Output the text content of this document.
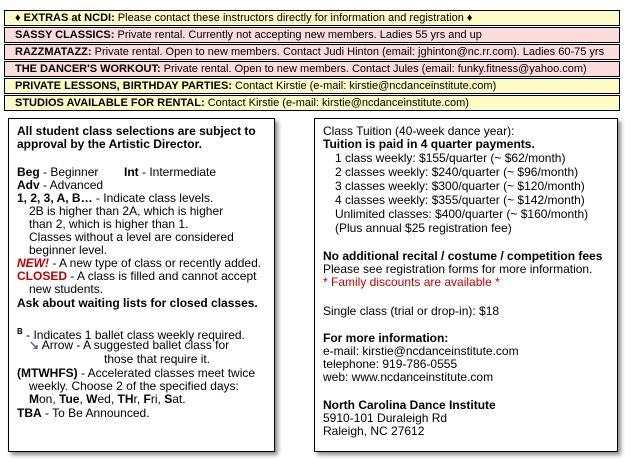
♦ EXTRAS at NCDI: Please contact these instructors directly for information and registration ♦
SASSY CLASSICS: Private rental. Currently not accepting new members. Ladies 55 yrs and up
RAZZMATAZZ: Private rental. Open to new members. Contact Judi Hinton (email: jghinton@nc.rr.com). Ladies 60-75 yrs
THE DANCER'S WORKOUT: Private rental. Open to new members. Contact Jules (email: funky.fitness@yahoo.com)
PRIVATE LESSONS, BIRTHDAY PARTIES: Contact Kirstie (e-mail: kirstie@ncdanceinstitute.com)
STUDIOS AVAILABLE FOR RENTAL: Contact Kirstie (e-mail: kirstie@ncdanceinstitute.com)
All student class selections are subject to
approval by the Artistic Director.
Beg - Beginner Int - Intermediate
Adv - Advanced
1, 2, 3, A, B… - Indicate class levels.
2B is higher than 2A, which is higher
than 2, which is higher than 1.
Classes without a level are considered
beginner level.
NEW! - A new type of class or recently added.
CLOSED - A class is filled and cannot accept
new students.
Ask about waiting lists for closed classes.
$^B$ - Indicates 1 ballet class weekly required.
↘ Arrow - A suggested ballet class for
those that require it.
(MTWHFS) - Accelerated classes meet twice
weekly. Choose 2 of the specified days:
Mon, Tue, Wed, THr, Fri, Sat.
TBA - To Be Announced.
Class Tuition (40-week dance year):
Tuition is paid in 4 quarter payments.
1 class weekly: $155/quarter (~ $62/month)
2 classes weekly: $240/quarter (~ $96/month)
3 classes weekly: $300/quarter (~ $120/month)
4 classes weekly: $355/quarter (~ $142/month)
Unlimited classes: $400/quarter (~ $160/month)
(Plus annual $25 registration fee)
No additional recital / costume / competition fees
Please see registration forms for more information.
* Family discounts are available *
Single class (trial or drop-in): $18
For more information:
e-mail: kirstie@ncdanceinstitute.com
telephone: 919-786-0555
web: www.ncdanceinstitute.com
North Carolina Dance Institute
5910-101 Duraleigh Rd
Raleigh, NC 27612
